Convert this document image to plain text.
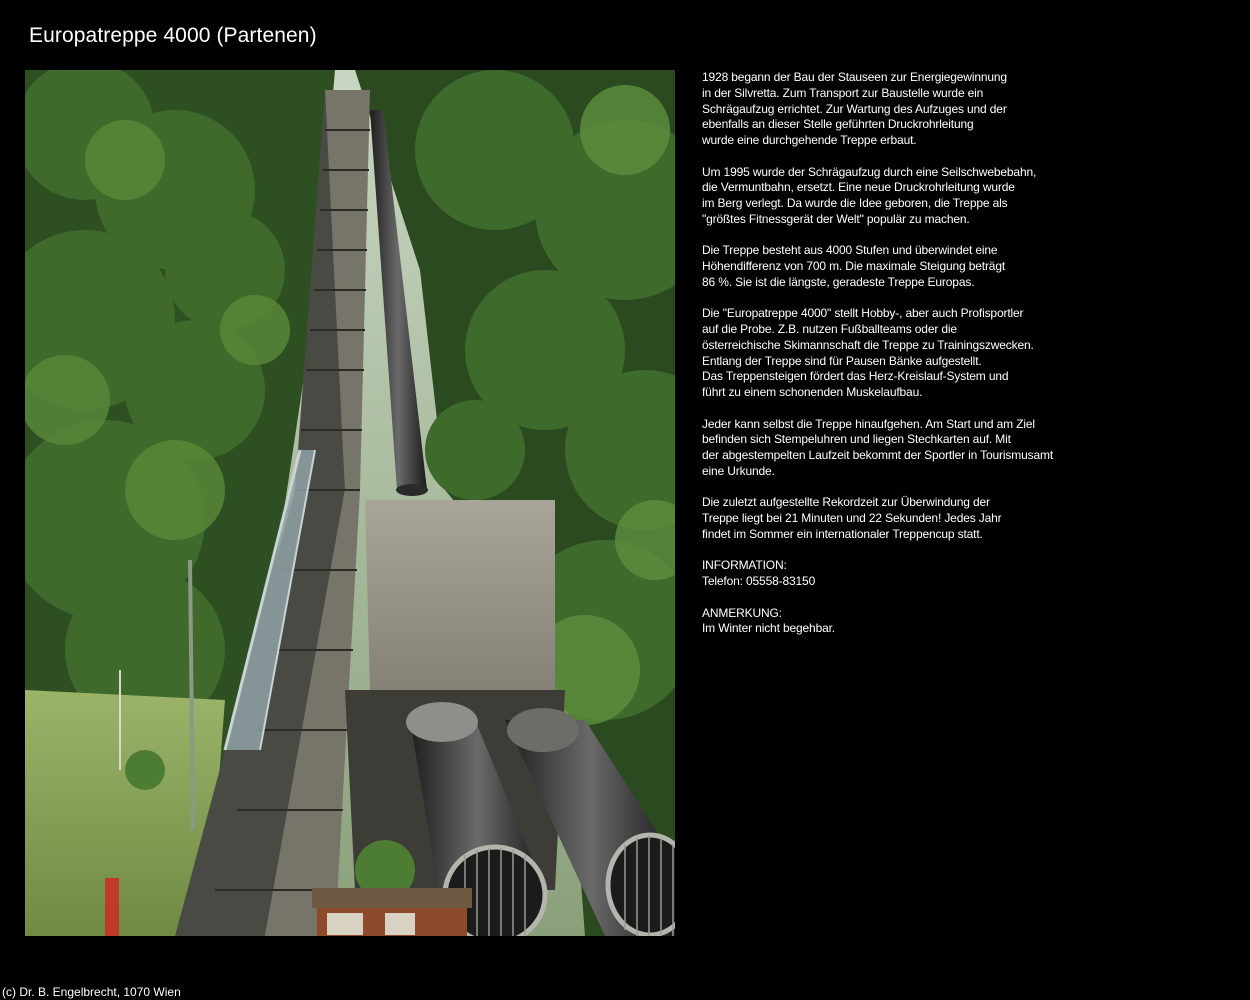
Europatreppe 4000 (Partenen)

1928 begann der Bau der Stauseen zur Energiegewinnung
in der Silvretta. Zum Transport zur Baustelle wurde ein
Schrägaufzug errichtet. Zur Wartung des Aufzuges und der
ebenfalls an dieser Stelle geführten Druckrohrleitung
wurde eine durchgehende Treppe erbaut.

Um 1995 wurde der Schrägaufzug durch eine Seilschwebebahn,
die Vermuntbahn, ersetzt. Eine neue Druckrohrleitung wurde
im Berg verlegt. Da wurde die Idee geboren, die Treppe als
"größtes Fitnessgerät der Welt" populär zu machen.

Die Treppe besteht aus 4000 Stufen und überwindet eine
Höhendifferenz von 700 m. Die maximale Steigung beträgt
86 %. Sie ist die längste, geradeste Treppe Europas.

Die "Europatreppe 4000" stellt Hobby-, aber auch Profisportler
auf die Probe. Z.B. nutzen Fußballteams oder die
österreichische Skimannschaft die Treppe zu Trainingszwecken.
Entlang der Treppe sind für Pausen Bänke aufgestellt.
Das Treppensteigen fördert das Herz-Kreislauf-System und
führt zu einem schonenden Muskelaufbau.

Jeder kann selbst die Treppe hinaufgehen. Am Start und am Ziel
befinden sich Stempeluhren und liegen Stechkarten auf. Mit
der abgestempelten Laufzeit bekommt der Sportler in Tourismusamt
eine Urkunde.

Die zuletzt aufgestellte Rekordzeit zur Überwindung der
Treppe liegt bei 21 Minuten und 22 Sekunden! Jedes Jahr
findet im Sommer ein internationaler Treppencup statt.

INFORMATION:
Telefon: 05558-83150

ANMERKUNG:
Im Winter nicht begehbar.

(c) Dr. B. Engelbrecht, 1070 Wien
